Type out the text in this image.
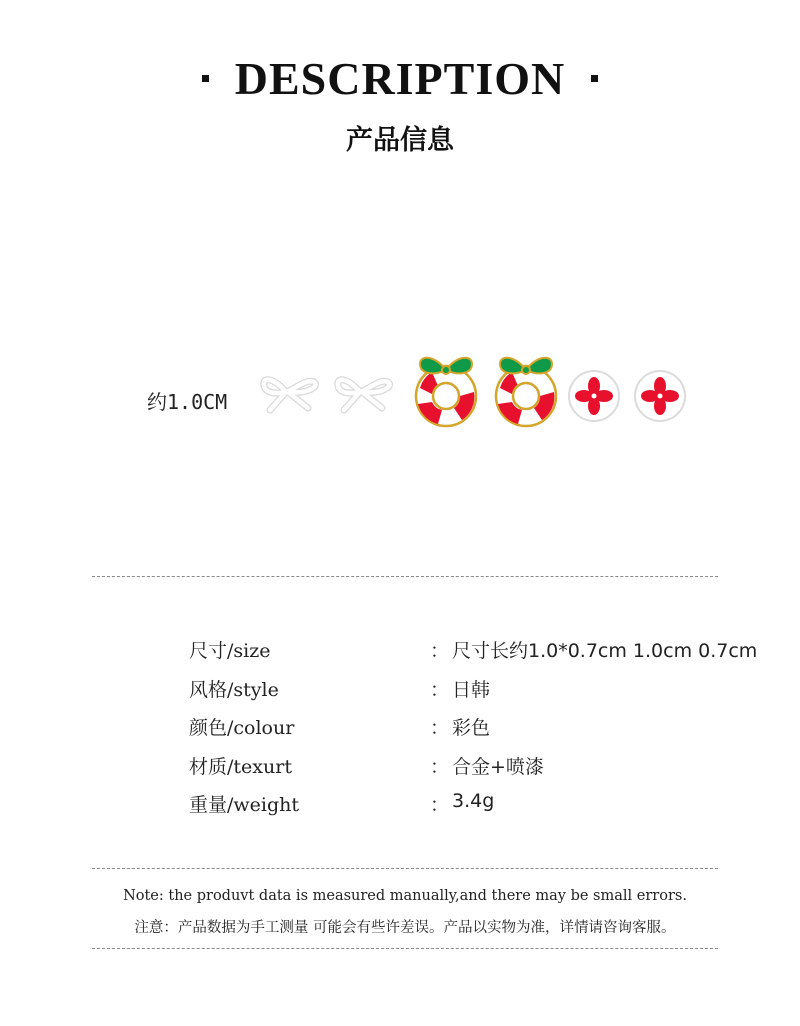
DESCRIPTION
产品信息
约1.0CM
尺寸/size	： 尺寸长约1.0*0.7cm 1.0cm 0.7cm
风格/style	： 日韩
颜色/colour	： 彩色
材质/texurt	： 合金+喷漆
重量/weight	： 3.4g
Note: the produvt data is measured manually,and there may be small errors.
注意：产品数据为手工测量 可能会有些许差误。产品以实物为准，详情请咨询客服。
